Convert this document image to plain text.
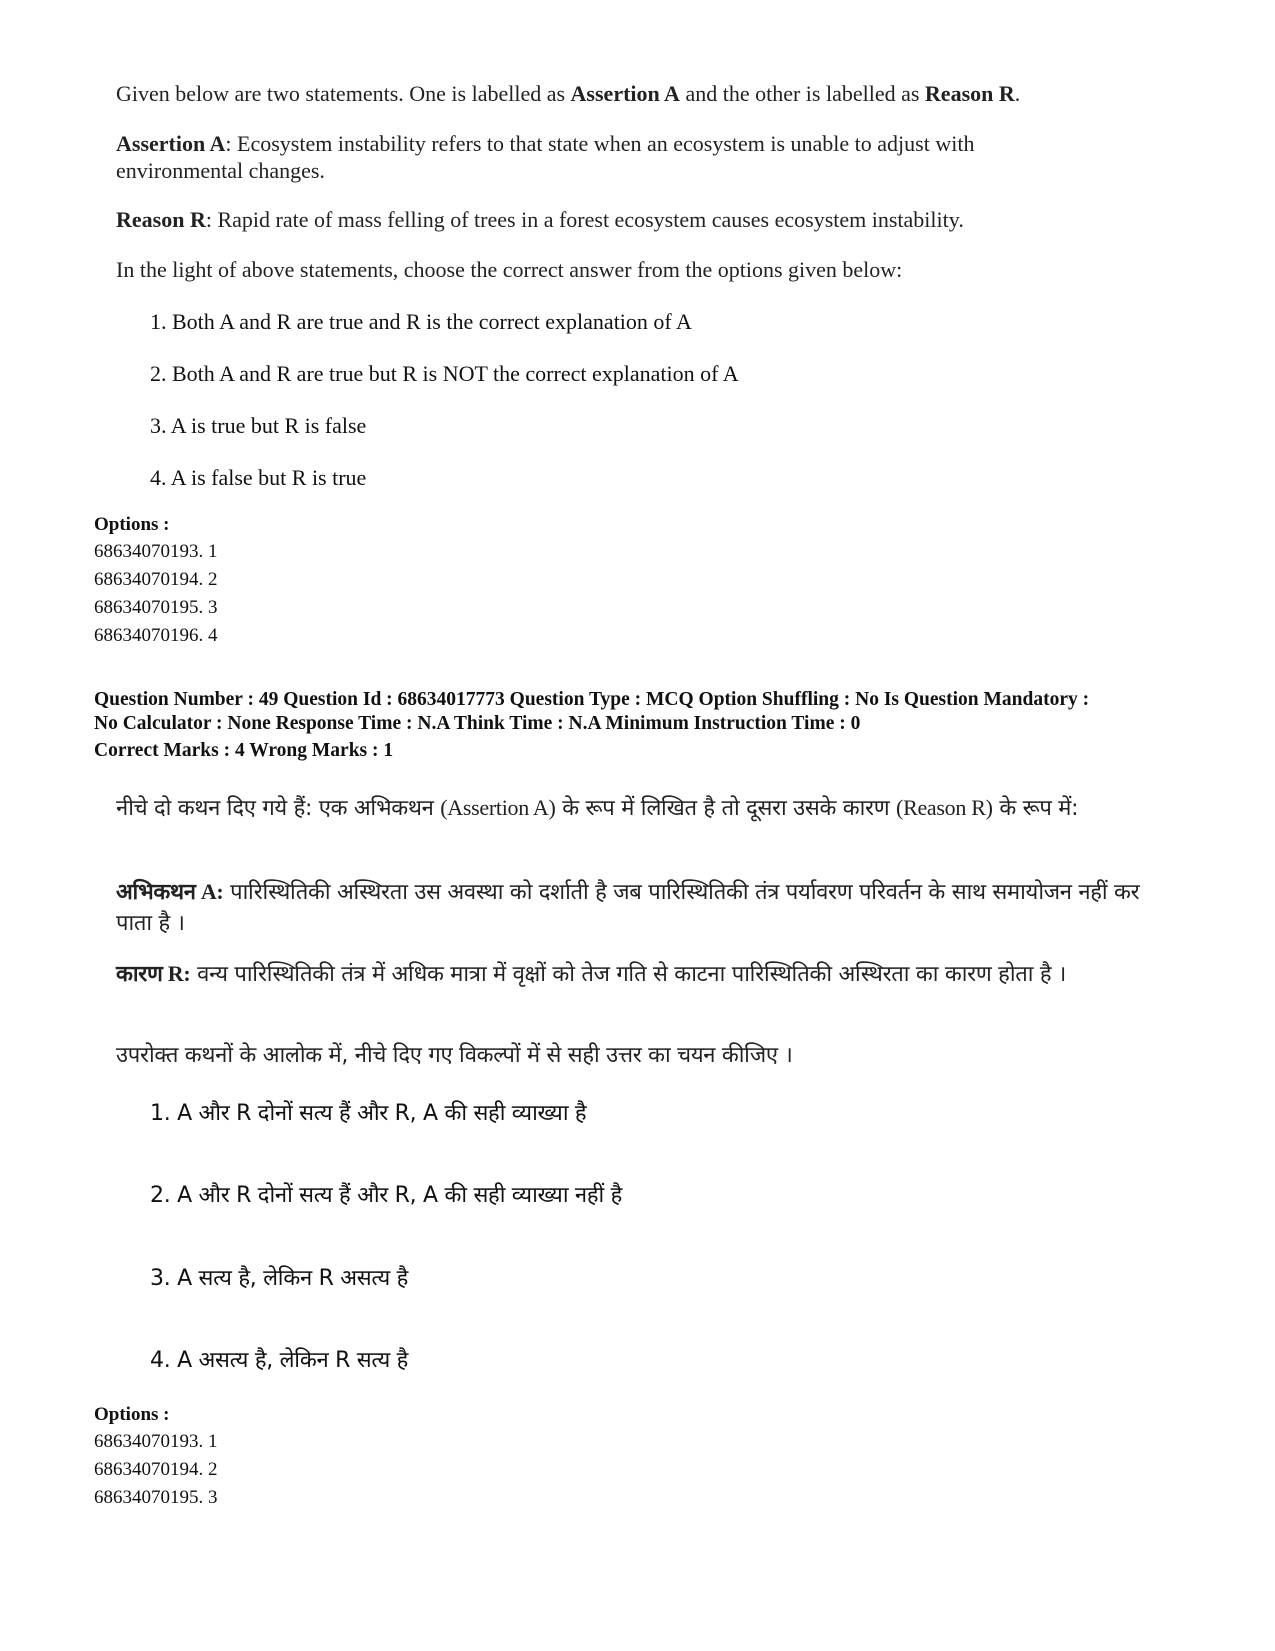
Given below are two statements. One is labelled as Assertion A and the other is labelled as Reason R.

Assertion A: Ecosystem instability refers to that state when an ecosystem is unable to adjust with environmental changes.

Reason R: Rapid rate of mass felling of trees in a forest ecosystem causes ecosystem instability.

In the light of above statements, choose the correct answer from the options given below:
1. Both A and R are true and R is the correct explanation of A
2. Both A and R are true but R is NOT the correct explanation of A
3. A is true but R is false
4. A is false but R is true
Options :
68634070193. 1
68634070194. 2
68634070195. 3
68634070196. 4
Question Number : 49 Question Id : 68634017773 Question Type : MCQ Option Shuffling : No Is Question Mandatory :
No Calculator : None Response Time : N.A Think Time : N.A Minimum Instruction Time : 0
Correct Marks : 4 Wrong Marks : 1

नीचे दो कथन दिए गये हैं: एक अभिकथन (Assertion A) के रूप में लिखित है तो दूसरा उसके कारण (Reason R) के रूप में:

अभिकथन A: पारिस्थितिकी अस्थिरता उस अवस्था को दर्शाती है जब पारिस्थितिकी तंत्र पर्यावरण परिवर्तन के साथ समायोजन नहीं कर पाता है ।

कारण R: वन्य पारिस्थितिकी तंत्र में अधिक मात्रा में वृक्षों को तेज गति से काटना पारिस्थितिकी अस्थिरता का कारण होता है ।

उपरोक्त कथनों के आलोक में, नीचे दिए गए विकल्पों में से सही उत्तर का चयन कीजिए ।
1. A और R दोनों सत्य हैं और R, A की सही व्याख्या है
2. A और R दोनों सत्य हैं और R, A की सही व्याख्या नहीं है
3. A सत्य है, लेकिन R असत्य है
4. A असत्य है, लेकिन R सत्य है
Options :
68634070193. 1
68634070194. 2
68634070195. 3
